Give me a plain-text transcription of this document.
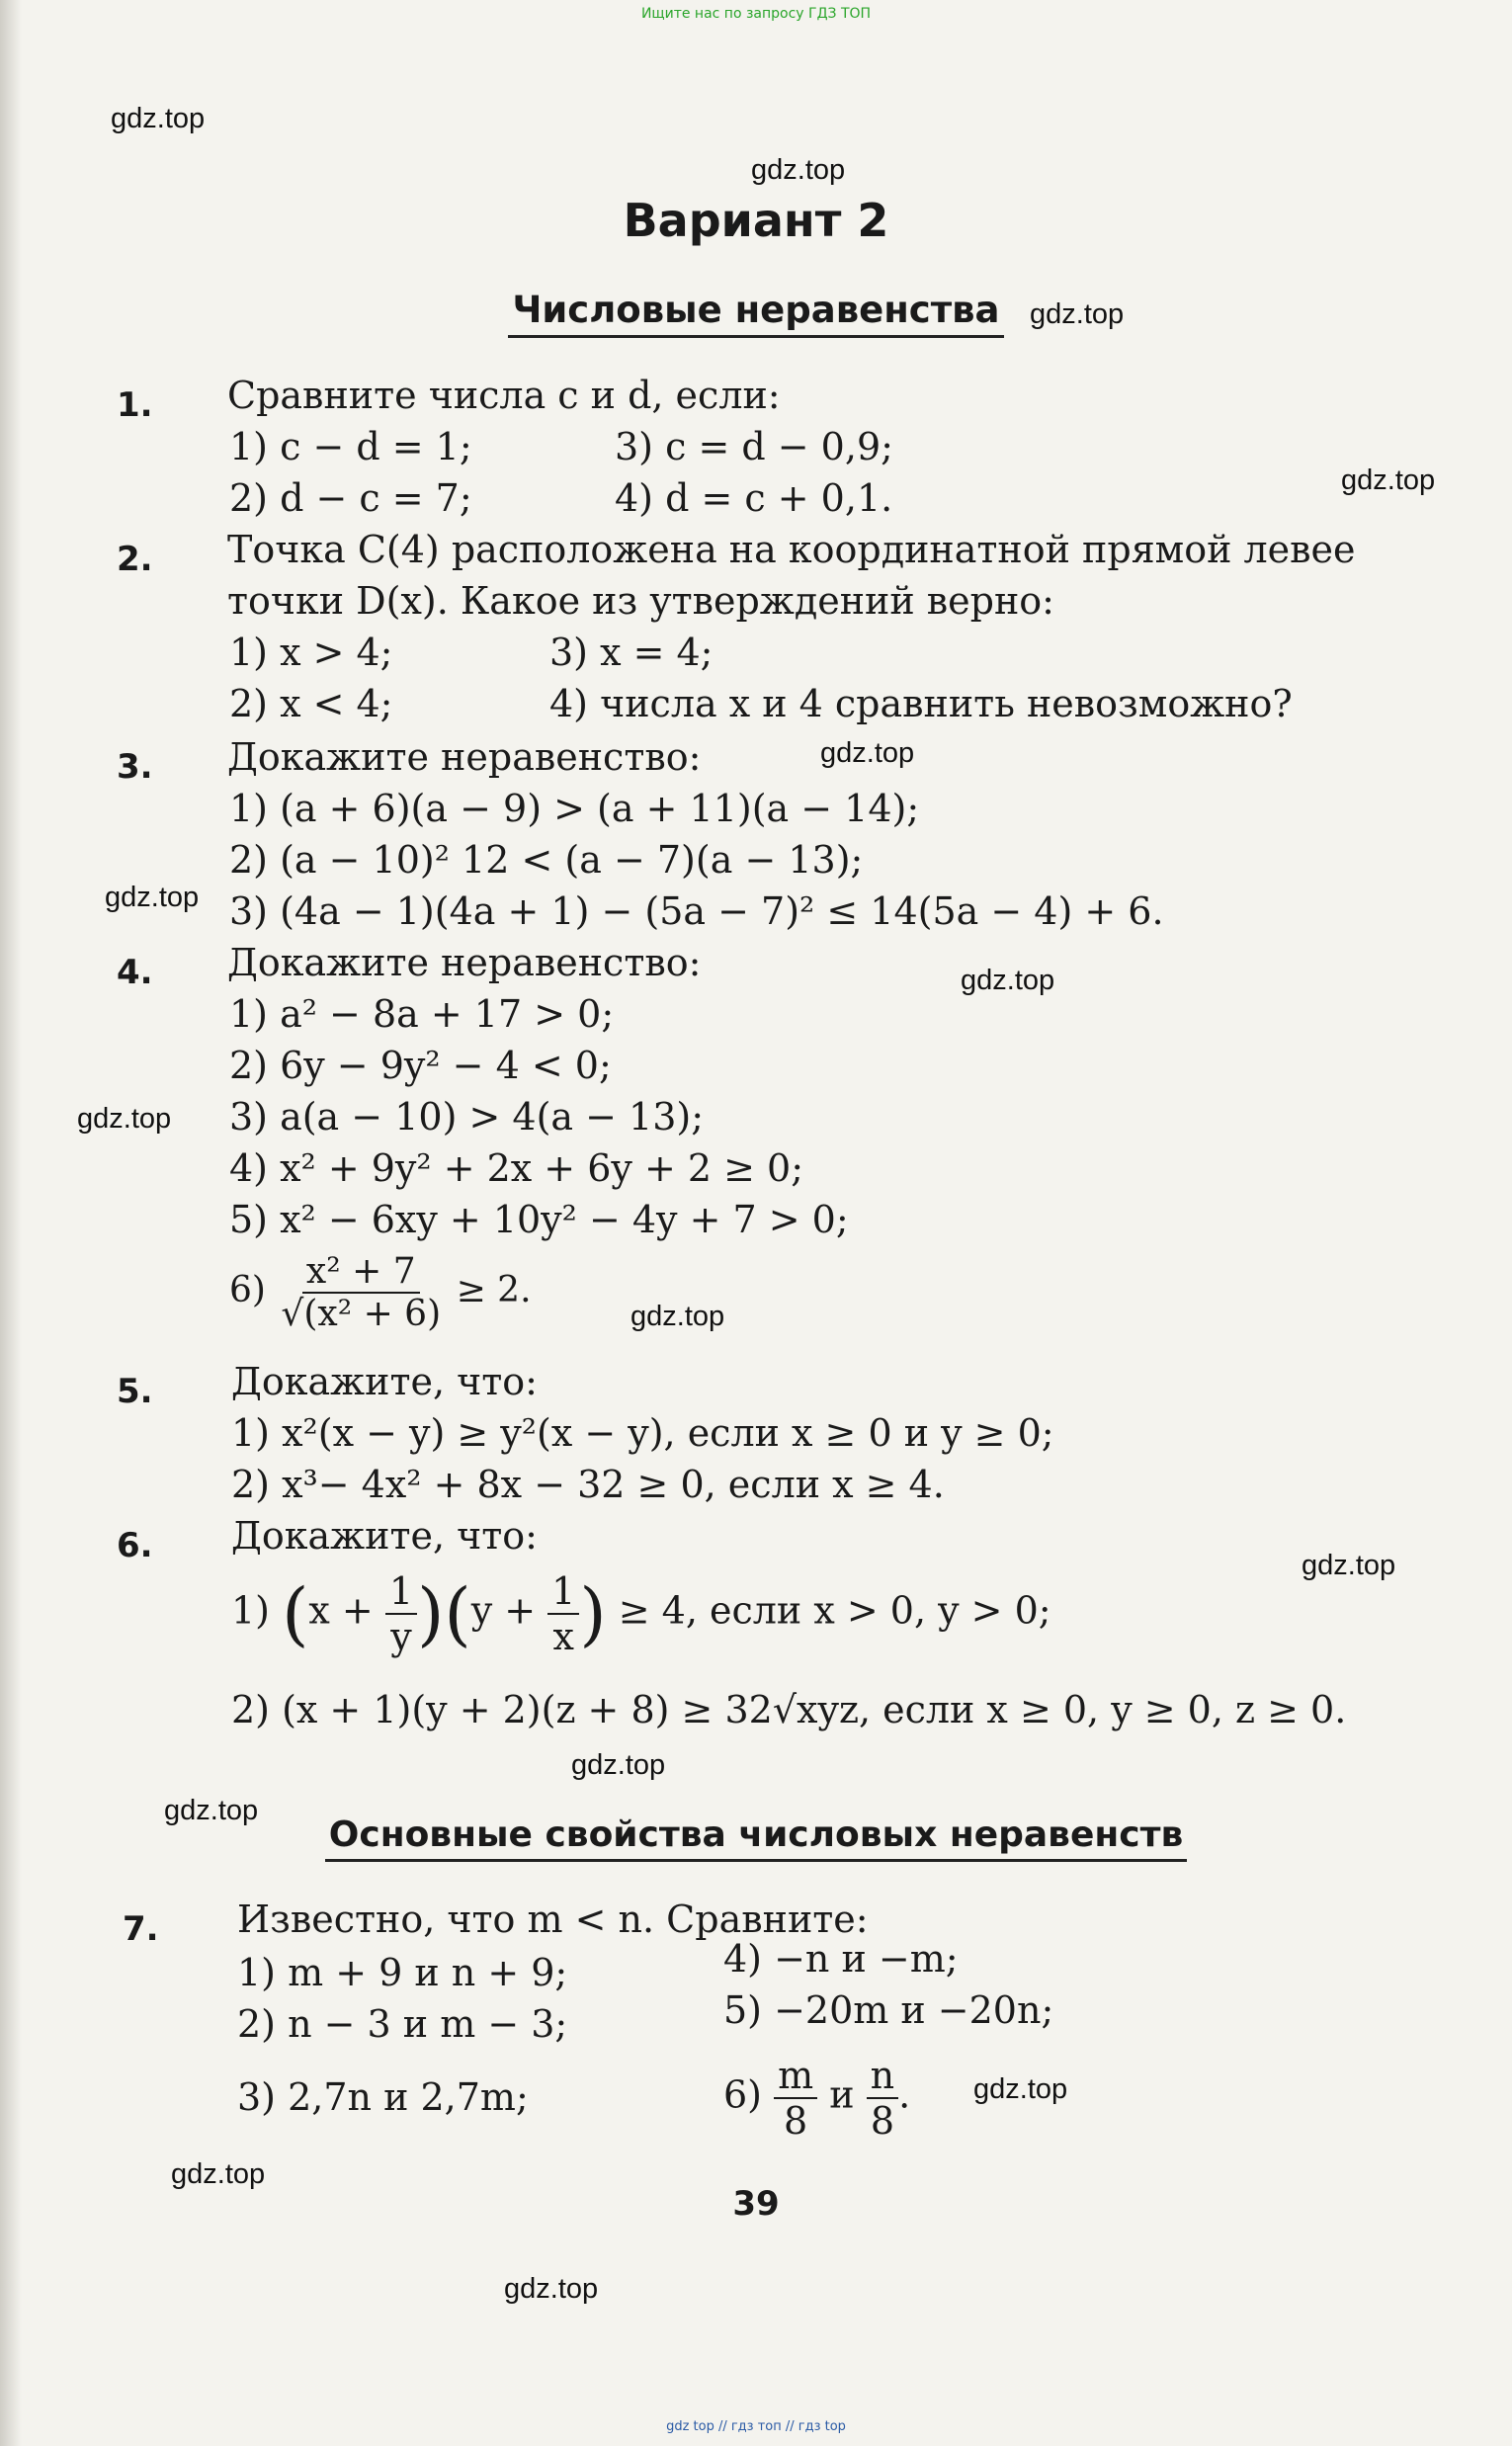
Ищите нас по запросу ГДЗ ТОП
gdz.top
gdz.top
gdz.top
gdz.top
gdz.top
gdz.top
gdz.top
gdz.top
gdz.top
gdz.top
gdz.top
gdz.top
gdz.top
gdz.top
gdz.top
Вариант 2
Числовые неравенства
1. Сравните числа c и d, если:
1) c − d = 1;	3) c = d − 0,9;
2) d − c = 7;	4) d = c + 0,1.
2. Точка C(4) расположена на координатной прямой левее
точки D(x). Какое из утверждений верно:
1) x > 4;	3) x = 4;
2) x < 4;	4) числа x и 4 сравнить невозможно?
3. Докажите неравенство:
1) (a + 6)(a − 9) > (a + 11)(a − 14);
2) (a − 10)² 12 < (a − 7)(a − 13);
3) (4a − 1)(4a + 1) − (5a − 7)² ≤ 14(5a − 4) + 6.
4. Докажите неравенство:
1) a² − 8a + 17 > 0;
2) 6y − 9y² − 4 < 0;
3) a(a − 10) > 4(a − 13);
4) x² + 9y² + 2x + 6y + 2 ≥ 0;
5) x² − 6xy + 10y² − 4y + 7 > 0;
$6) \frac{\text{x² + 7}}{\text{√(x² + 6)}} \ge 2$.
5. Докажите, что:
1) x²(x − y) ≥ y²(x − y), если x ≥ 0 и y ≥ 0;
2) x³− 4x² + 8x − 32 ≥ 0, если x ≥ 4.
6. Докажите, что:
1) $(x + \frac{1}{y} )(y + \frac{1}{x}$ ) ≥ 4, если x > 0, y > 0;
2) (x + 1)(y + 2)(z + 8) ≥ 32√xyz, если x ≥ 0, y ≥ 0, z ≥ 0.
Основные свойства числовых неравенств
7. Известно, что m < n. Сравните:
1) m + 9 и n + 9;	4) −n и −m;
2) n − 3 и m − 3;	5) −20m и −20n;
3) 2,7n и 2,7m;	$6) \frac{m}{8}$ и $\frac{n}{8}$ .
39
gdz top // гдз топ // гдз top
